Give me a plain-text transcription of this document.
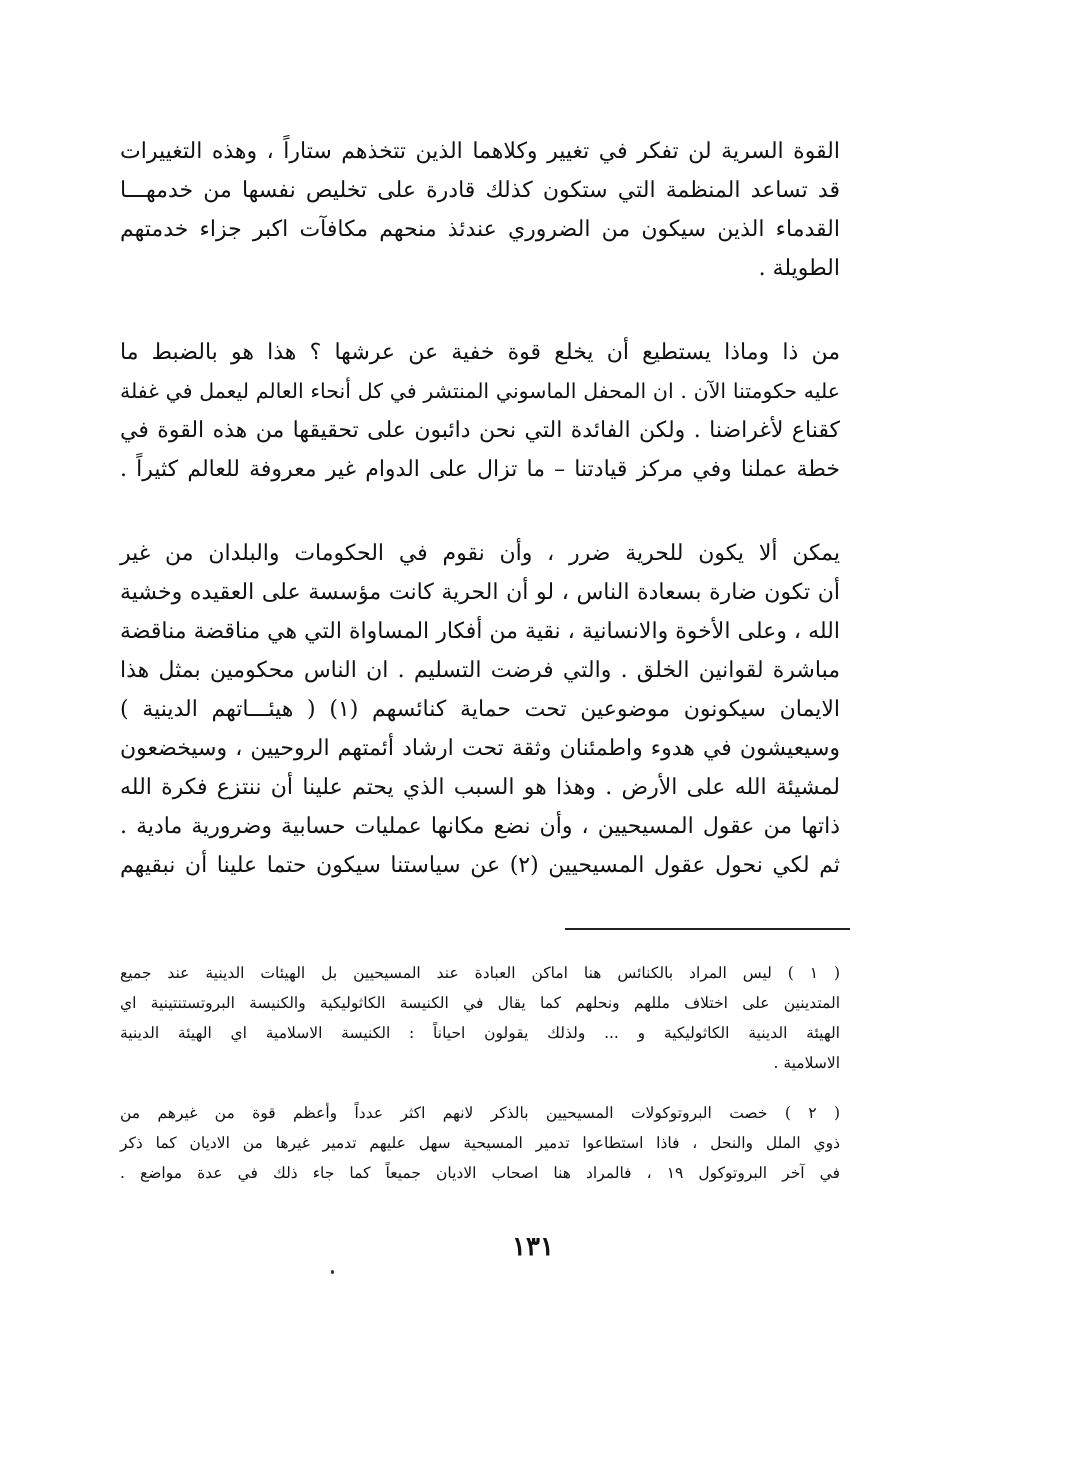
القوة السرية لن تفكر في تغيير وكلاهما الذين تتخذهم ستاراً ، وهذه التغييرات
قد تساعد المنظمة التي ستكون كذلك قادرة على تخليص نفسها من خدمهـــا
القدماء الذين سيكون من الضروري عندئذ منحهم مكافآت اكبر جزاء خدمتهم
الطويلة .
من ذا وماذا يستطيع أن يخلع قوة خفية عن عرشها ؟ هذا هو بالضبط ما
عليه حكومتنا الآن . ان المحفل الماسوني المنتشر في كل أنحاء العالم ليعمل في غفلة
كقناع لأغراضنا . ولكن الفائدة التي نحن دائبون على تحقيقها من هذه القوة في
خطة عملنا وفي مركز قيادتنا – ما تزال على الدوام غير معروفة للعالم كثيراً .
يمكن ألا يكون للحرية ضرر ، وأن نقوم في الحكومات والبلدان من غير
أن تكون ضارة بسعادة الناس ، لو أن الحرية كانت مؤسسة على العقيده وخشية
الله ، وعلى الأخوة والانسانية ، نقية من أفكار المساواة التي هي مناقضة مناقضة
مباشرة لقوانين الخلق . والتي فرضت التسليم . ان الناس محكومين بمثل هذا
الايمان سيكونون موضوعين تحت حماية كنائسهم (١) ( هيئـــاتهم الدينية )
وسيعيشون في هدوء واطمئنان وثقة تحت ارشاد أئمتهم الروحيين ، وسيخضعون
لمشيئة الله على الأرض . وهذا هو السبب الذي يحتم علينا أن ننتزع فكرة الله
ذاتها من عقول المسيحيين ، وأن نضع مكانها عمليات حسابية وضرورية مادية .
ثم لكي نحول عقول المسيحيين (٢) عن سياستنا سيكون حتما علينا أن نبقيهم
( ١ ) ليس المراد بالكنائس هنا اماكن العبادة عند المسيحيين بل الهيئات الدينية عند جميع
المتدينين على اختلاف مللهم ونحلهم كما يقال في الكنيسة الكاثوليكية والكنيسة البروتستنتينية اي
الهيئة الدينية الكاثوليكية و ... ولذلك يقولون احياناً : الكنيسة الاسلامية اي الهيئة الدينية
الاسلامية .
( ٢ ) خصت البروتوكولات المسيحيين بالذكر لانهم اكثر عدداً وأعظم قوة من غيرهم من
ذوي الملل والنحل ، فاذا استطاعوا تدمير المسيحية سهل عليهم تدمير غيرها من الاديان كما ذكر
في آخر البروتوكول ١٩ ، فالمراد هنا اصحاب الاديان جميعاً كما جاء ذلك في عدة مواضع .
١٣١
